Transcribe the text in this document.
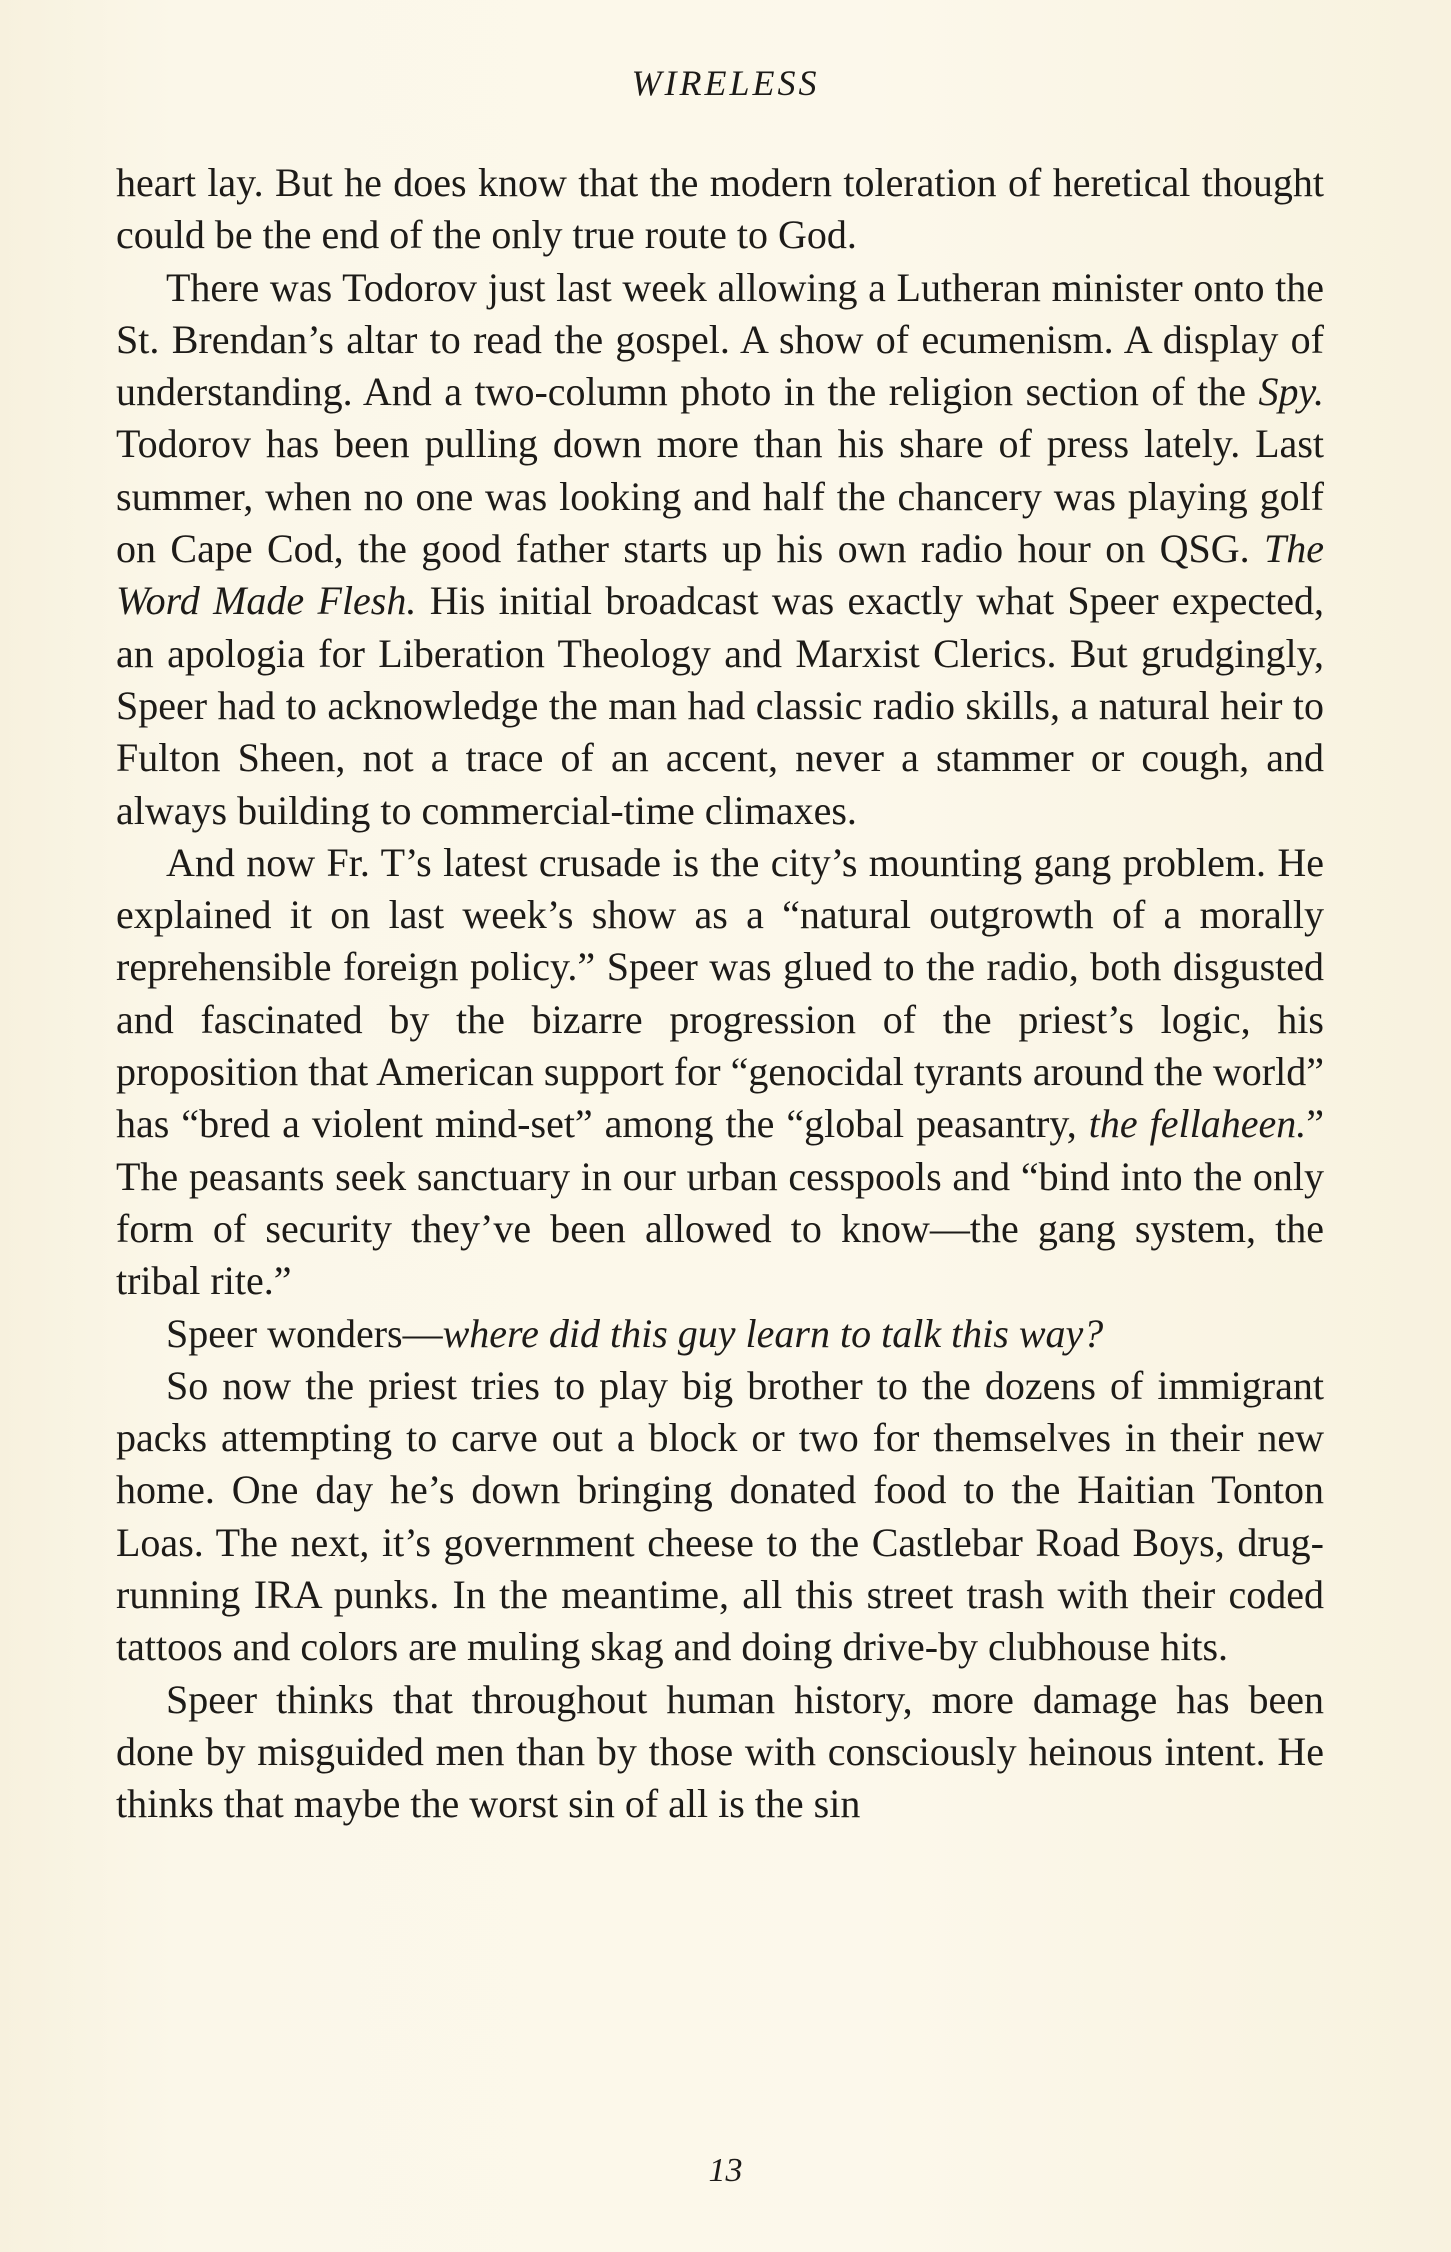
WIRELESS

heart lay. But he does know that the modern toleration of heretical thought could be the end of the only true route to God.

There was Todorov just last week allowing a Lutheran minister onto the St. Brendan’s altar to read the gospel. A show of ecumenism. A display of understanding. And a two-column photo in the religion section of the Spy. Todorov has been pulling down more than his share of press lately. Last summer, when no one was looking and half the chancery was playing golf on Cape Cod, the good father starts up his own radio hour on QSG. The Word Made Flesh. His initial broadcast was exactly what Speer expected, an apologia for Liberation Theology and Marxist Clerics. But grudgingly, Speer had to acknowledge the man had classic radio skills, a natural heir to Fulton Sheen, not a trace of an accent, never a stammer or cough, and always building to commercial-time climaxes.

And now Fr. T’s latest crusade is the city’s mounting gang problem. He explained it on last week’s show as a “natural outgrowth of a morally reprehensible foreign policy.” Speer was glued to the radio, both disgusted and fascinated by the bizarre progression of the priest’s logic, his proposition that American support for “genocidal tyrants around the world” has “bred a violent mind-set” among the “global peasantry, the fellaheen.” The peasants seek sanctuary in our urban cesspools and “bind into the only form of security they’ve been allowed to know—the gang system, the tribal rite.”

Speer wonders—where did this guy learn to talk this way?

So now the priest tries to play big brother to the dozens of immigrant packs attempting to carve out a block or two for themselves in their new home. One day he’s down bringing donated food to the Haitian Tonton Loas. The next, it’s government cheese to the Castlebar Road Boys, drug-running IRA punks. In the meantime, all this street trash with their coded tattoos and colors are muling skag and doing drive-by clubhouse hits.

Speer thinks that throughout human history, more damage has been done by misguided men than by those with consciously heinous intent. He thinks that maybe the worst sin of all is the sin

13
